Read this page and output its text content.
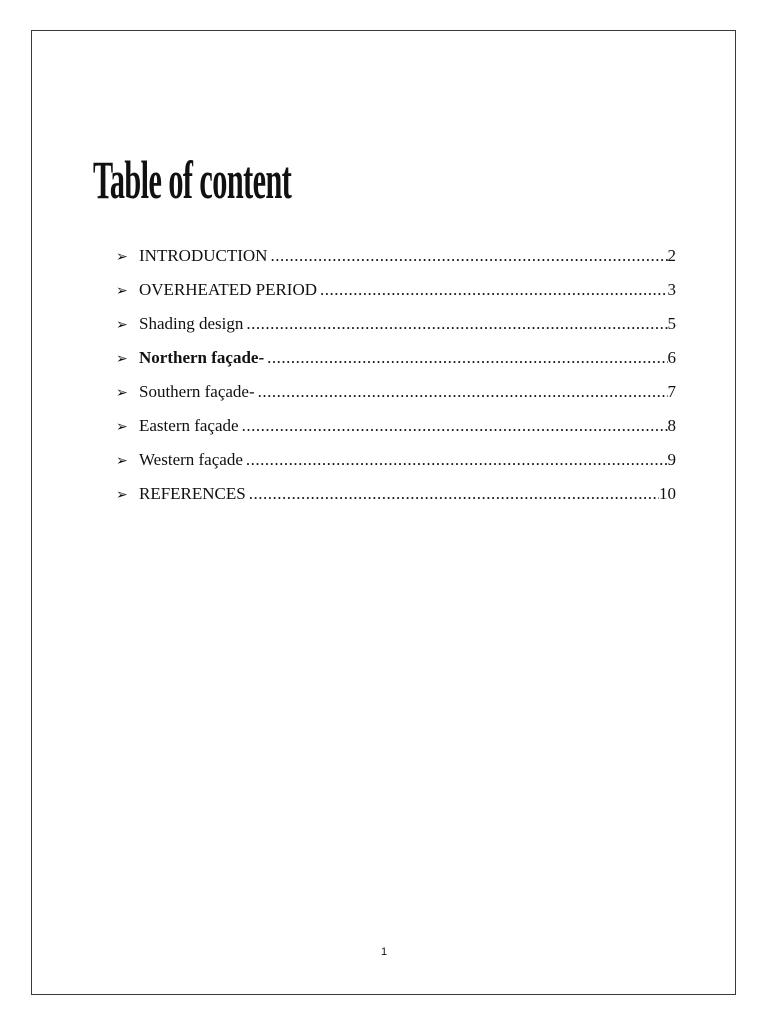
Table of content
➢ INTRODUCTION .....	2
➢ OVERHEATED PERIOD .....	3
➢ Shading design .....	5
➢ Northern façade- .....	6
➢ Southern façade- .....	7
➢ Eastern façade .....	8
➢ Western façade .....	9
➢ REFERENCES .....	10
1
